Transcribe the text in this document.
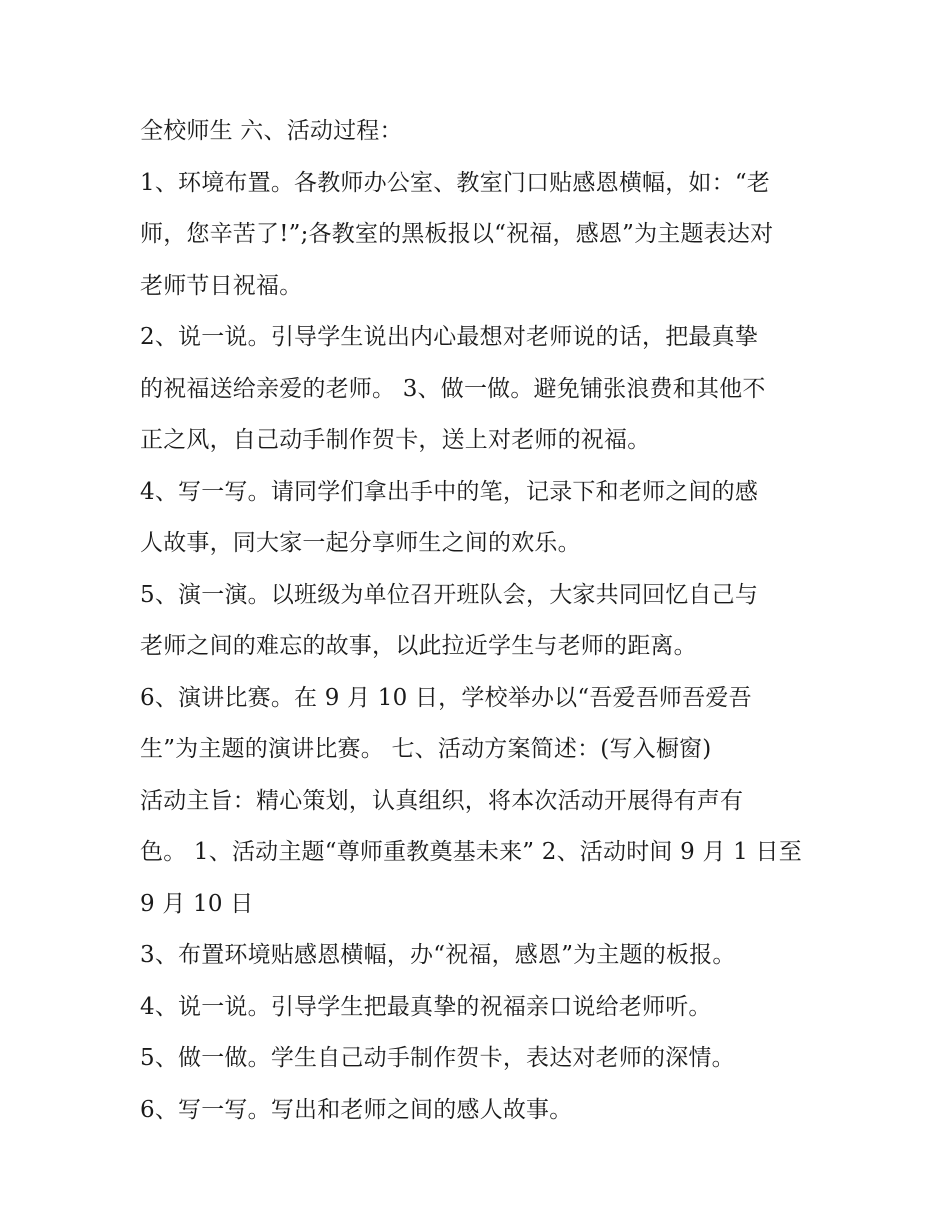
全校师生 六、活动过程：
1、环境布置。各教师办公室、教室门口贴感恩横幅，如：“老
师，您辛苦了!”;各教室的黑板报以“祝福，感恩”为主题表达对
老师节日祝福。
2、说一说。引导学生说出内心最想对老师说的话，把最真挚
的祝福送给亲爱的老师。 3、做一做。避免铺张浪费和其他不
正之风，自己动手制作贺卡，送上对老师的祝福。
4、写一写。请同学们拿出手中的笔，记录下和老师之间的感
人故事，同大家一起分享师生之间的欢乐。
5、演一演。以班级为单位召开班队会，大家共同回忆自己与
老师之间的难忘的故事，以此拉近学生与老师的距离。
6、演讲比赛。在 9 月 10 日，学校举办以“吾爱吾师吾爱吾
生”为主题的演讲比赛。 七、活动方案简述：(写入橱窗)
活动主旨：精心策划，认真组织，将本次活动开展得有声有
色。 1、活动主题“尊师重教奠基未来” 2、活动时间 9 月 1 日至
9 月 10 日
3、布置环境贴感恩横幅，办“祝福，感恩”为主题的板报。
4、说一说。引导学生把最真挚的祝福亲口说给老师听。
5、做一做。学生自己动手制作贺卡，表达对老师的深情。
6、写一写。写出和老师之间的感人故事。
